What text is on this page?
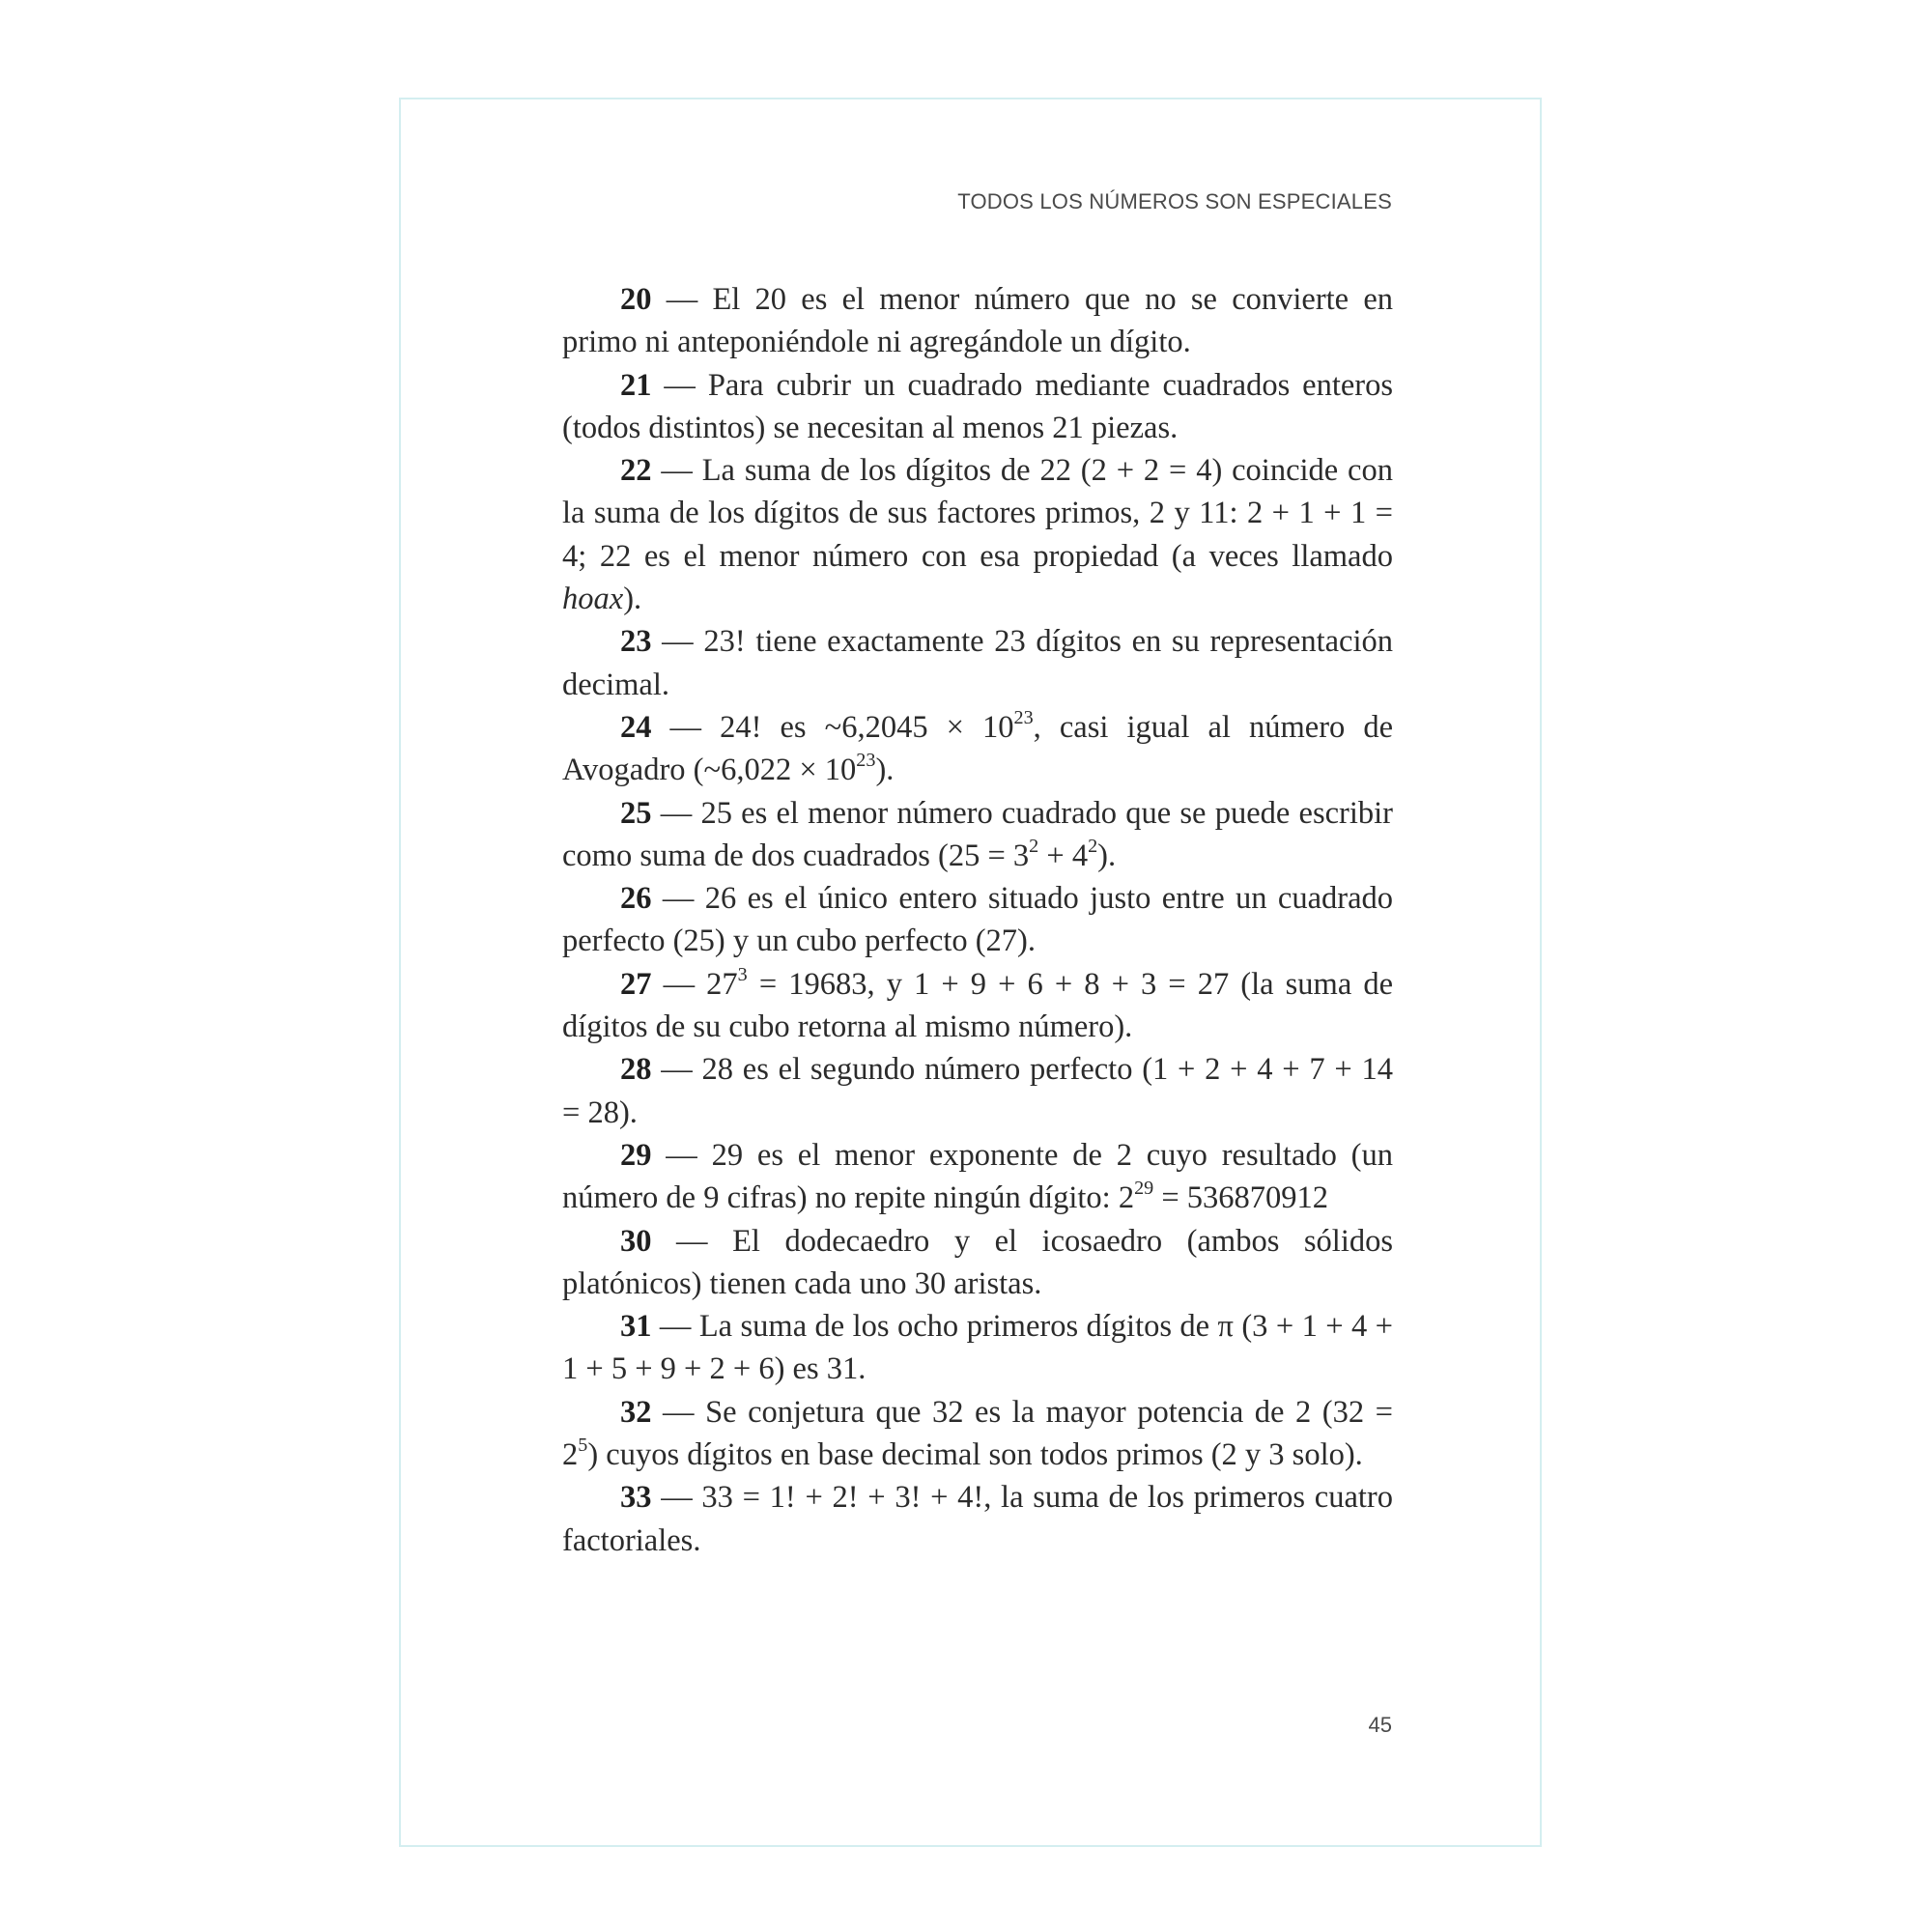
TODOS LOS NÚMEROS SON ESPECIALES

20 — El 20 es el menor número que no se convierte en primo ni anteponiéndole ni agregándole un dígito.

21 — Para cubrir un cuadrado mediante cuadrados enteros (todos distintos) se necesitan al menos 21 piezas.

22 — La suma de los dígitos de 22 (2 + 2 = 4) coincide con la suma de los dígitos de sus factores primos, 2 y 11: 2 + 1 + 1 = 4; 22 es el menor número con esa propiedad (a veces llamado hoax).

23 — 23! tiene exactamente 23 dígitos en su representación decimal.

24 — 24! es ~6,2045 × $10^{23}$, casi igual al número de Avogadro (~6,022 × $10^{23}$).

25 — 25 es el menor número cuadrado que se puede escribir como suma de dos cuadrados $(25 = 3^2 + 4^2)$.

26 — 26 es el único entero situado justo entre un cuadrado perfecto (25) y un cubo perfecto (27).

27 — $27^3 = 19683$, y 1 + 9 + 6 + 8 + 3 = 27 (la suma de dígitos de su cubo retorna al mismo número).

28 — 28 es el segundo número perfecto (1 + 2 + 4 + 7 + 14 = 28).

29 — 29 es el menor exponente de 2 cuyo resultado (un número de 9 cifras) no repite ningún dígito: $2^{29} = 536870912$

30 — El dodecaedro y el icosaedro (ambos sólidos platónicos) tienen cada uno 30 aristas.

31 — La suma de los ocho primeros dígitos de π (3 + 1 + 4 + 1 + 5 + 9 + 2 + 6) es 31.

32 — Se conjetura que 32 es la mayor potencia de 2 $(32 = 2^5)$ cuyos dígitos en base decimal son todos primos (2 y 3 solo).

33 — 33 = 1! + 2! + 3! + 4!, la suma de los primeros cuatro factoriales.

45
